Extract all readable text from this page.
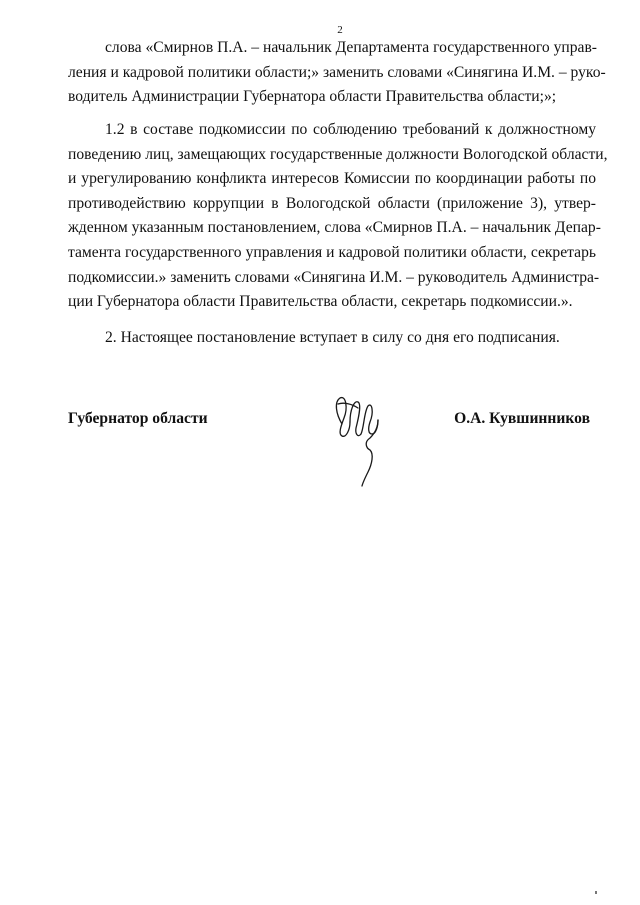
2
слова «Смирнов П.А. – начальник Департамента государственного управ-
ления и кадровой политики области;» заменить словами «Синягина И.М. – руко-
водитель Администрации Губернатора области Правительства области;»;
1.2 в составе подкомиссии по соблюдению требований к должностному
поведению лиц, замещающих государственные должности Вологодской области,
и урегулированию конфликта интересов Комиссии по координации работы по
противодействию коррупции в Вологодской области (приложение 3), утвер-
жденном указанным постановлением, слова «Смирнов П.А. – начальник Депар-
тамента государственного управления и кадровой политики области, секретарь
подкомиссии.» заменить словами «Синягина И.М. – руководитель Администра-
ции Губернатора области Правительства области, секретарь подкомиссии.».
2. Настоящее постановление вступает в силу со дня его подписания.
Губернатор области	О.А. Кувшинников
